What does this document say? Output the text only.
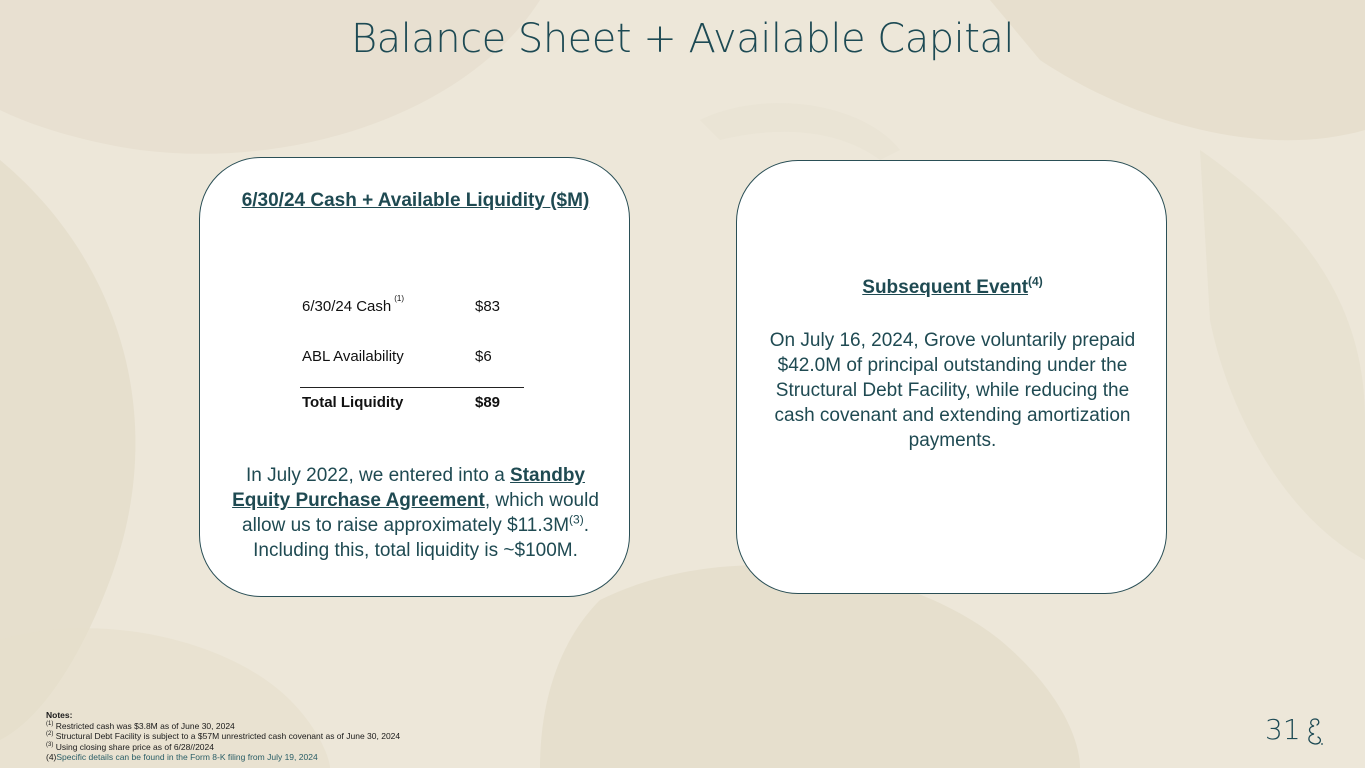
Balance Sheet + Available Capital
6/30/24 Cash + Available Liquidity ($M)
6/30/24 Cash $^{(1)}$	$83
ABL Availability	$6
Total Liquidity	$89
In July 2022, we entered into a Standby Equity Purchase Agreement, which would allow us to raise approximately $\$11.3M^{(3)}$. Including this, total liquidity is ~$100M.
Subsequent Event$^{(4)}$
On July 16, 2024, Grove voluntarily prepaid $42.0M of principal outstanding under the Structural Debt Facility, while reducing the cash covenant and extending amortization payments.
Notes:
$^{(1)}$ Restricted cash was $3.8M as of June 30, 2024
$^{(2)}$ Structural Debt Facility is subject to a $57M unrestricted cash covenant as of June 30, 2024
$^{(3)}$ Using closing share price as of 6/28//2024
(4)Specific details can be found in the Form 8-K filing from July 19, 2024
31
